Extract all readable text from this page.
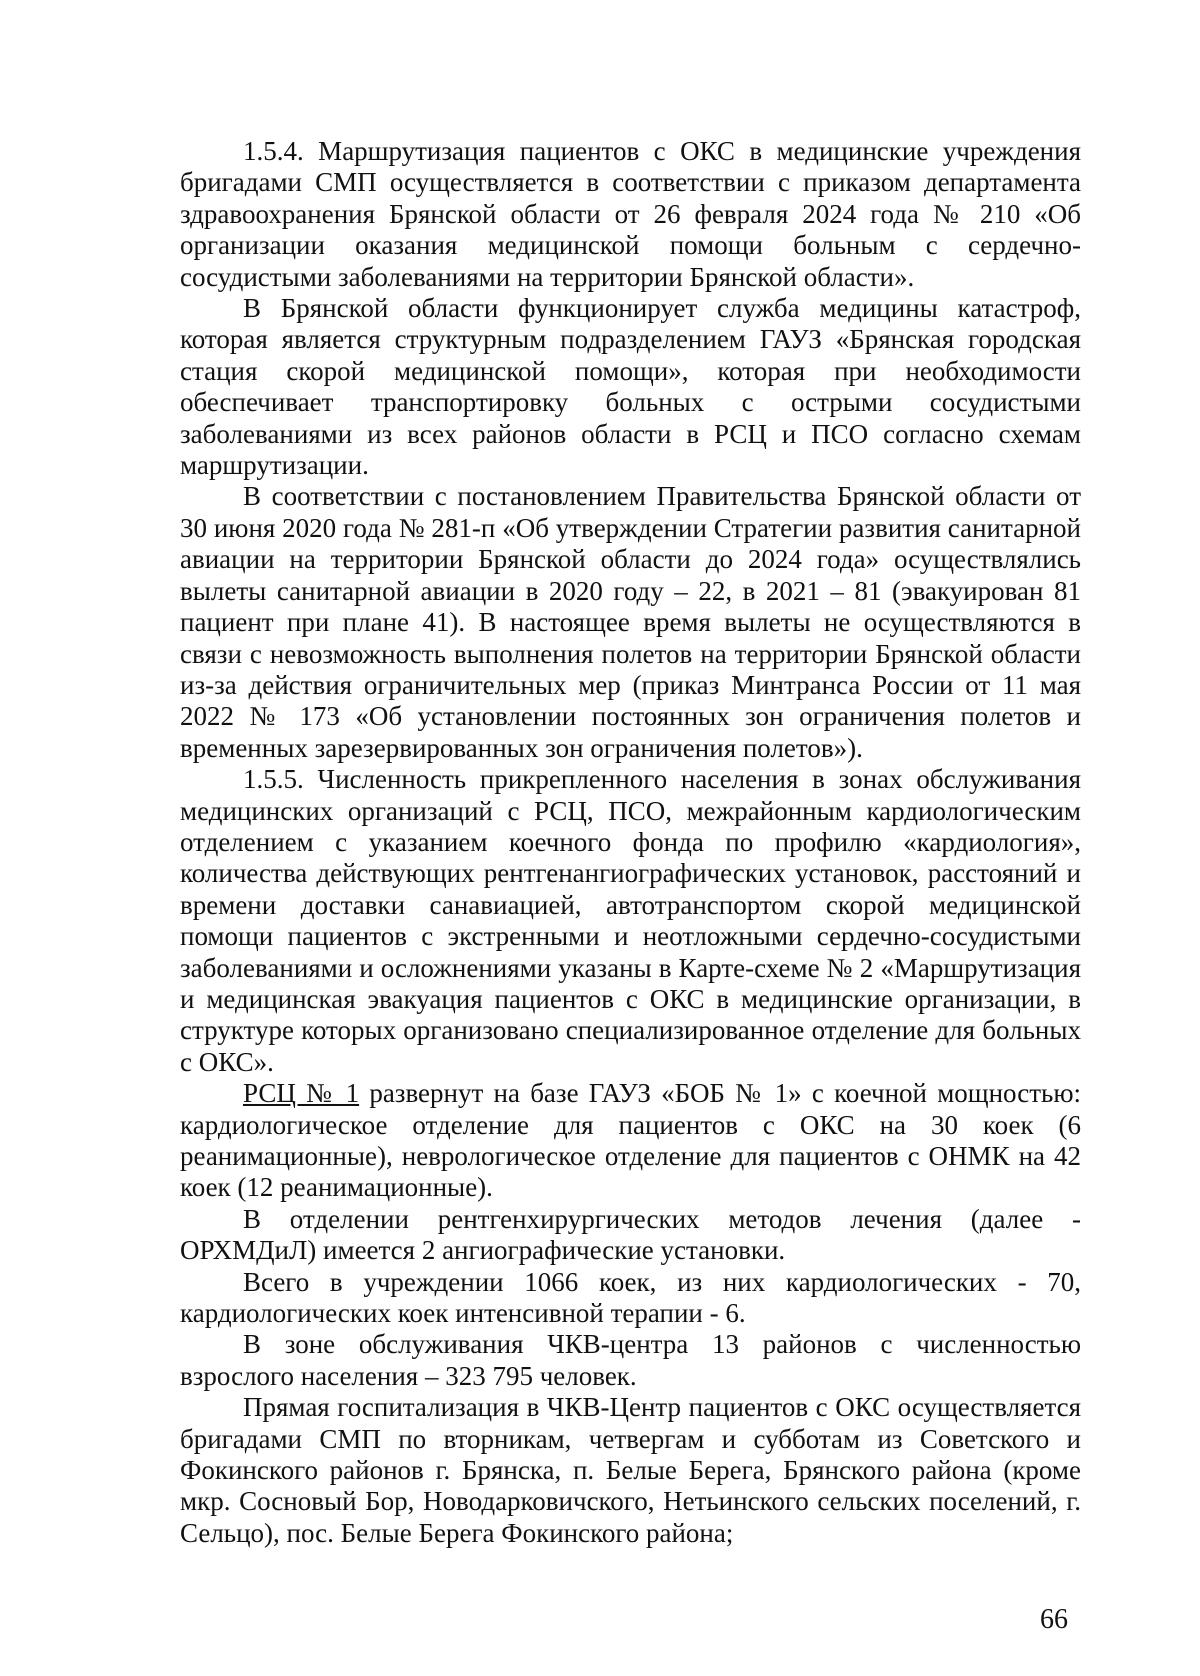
1.5.4. Маршрутизация пациентов с ОКС в медицинские учреждения бригадами СМП осуществляется в соответствии с приказом департамента здравоохранения Брянской области от 26 февраля 2024 года № 210 «Об организации оказания медицинской помощи больным с сердечно-сосудистыми заболеваниями на территории Брянской области».

В Брянской области функционирует служба медицины катастроф, которая является структурным подразделением ГАУЗ «Брянская городская стация скорой медицинской помощи», которая при необходимости обеспечивает транспортировку больных с острыми сосудистыми заболеваниями из всех районов области в РСЦ и ПСО согласно схемам маршрутизации.

В соответствии с постановлением Правительства Брянской области от 30 июня 2020 года № 281-п «Об утверждении Стратегии развития санитарной авиации на территории Брянской области до 2024 года» осуществлялись вылеты санитарной авиации в 2020 году – 22, в 2021 – 81 (эвакуирован 81 пациент при плане 41). В настоящее время вылеты не осуществляются в связи с невозможность выполнения полетов на территории Брянской области из-за действия ограничительных мер (приказ Минтранса России от 11 мая 2022 № 173 «Об установлении постоянных зон ограничения полетов и временных зарезервированных зон ограничения полетов»).

1.5.5. Численность прикрепленного населения в зонах обслуживания медицинских организаций с РСЦ, ПСО, межрайонным кардиологическим отделением с указанием коечного фонда по профилю «кардиология», количества действующих рентгенангиографических установок, расстояний и времени доставки санавиацией, автотранспортом скорой медицинской помощи пациентов с экстренными и неотложными сердечно-сосудистыми заболеваниями и осложнениями указаны в Карте-схеме № 2 «Маршрутизация и медицинская эвакуация пациентов с ОКС в медицинские организации, в структуре которых организовано специализированное отделение для больных с ОКС».

РСЦ № 1 развернут на базе ГАУЗ «БОБ № 1» с коечной мощностью: кардиологическое отделение для пациентов с ОКС на 30 коек (6 реанимационные), неврологическое отделение для пациентов с ОНМК на 42 коек (12 реанимационные).

В отделении рентгенхирургических методов лечения (далее - ОРХМДиЛ) имеется 2 ангиографические установки.

Всего в учреждении 1066 коек, из них кардиологических - 70, кардиологических коек интенсивной терапии - 6.

В зоне обслуживания ЧКВ-центра 13 районов с численностью взрослого населения – 323 795 человек.

Прямая госпитализация в ЧКВ-Центр пациентов с ОКС осуществляется бригадами СМП по вторникам, четвергам и субботам из Советского и Фокинского районов г. Брянска, п. Белые Берега, Брянского района (кроме мкр. Сосновый Бор, Новодарковичского, Нетьинского сельских поселений, г. Сельцо), пос. Белые Берега Фокинского района;

66
